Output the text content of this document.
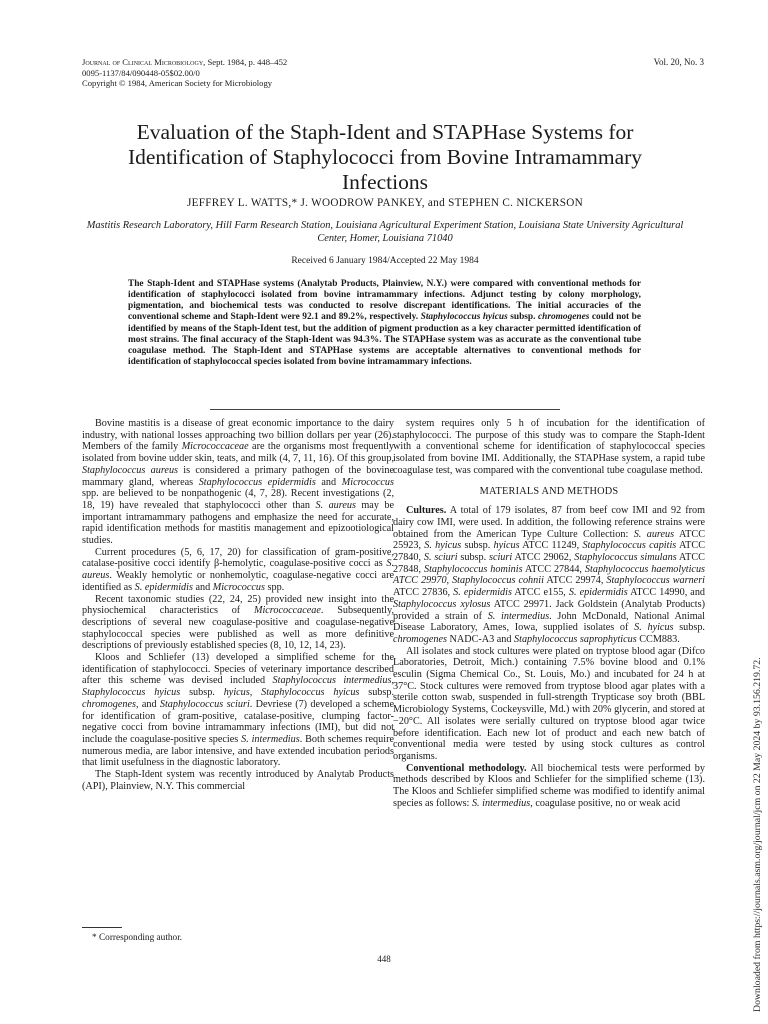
Journal of Clinical Microbiology, Sept. 1984, p. 448–452
0095-1137/84/090448-05$02.00/0
Copyright © 1984, American Society for Microbiology
Vol. 20, No. 3
Evaluation of the Staph-Ident and STAPHase Systems for Identification of Staphylococci from Bovine Intramammary Infections
JEFFREY L. WATTS,* J. WOODROW PANKEY, and STEPHEN C. NICKERSON
Mastitis Research Laboratory, Hill Farm Research Station, Louisiana Agricultural Experiment Station, Louisiana State University Agricultural Center, Homer, Louisiana 71040
Received 6 January 1984/Accepted 22 May 1984
The Staph-Ident and STAPHase systems (Analytab Products, Plainview, N.Y.) were compared with conventional methods for identification of staphylococci isolated from bovine intramammary infections. Adjunct testing by colony morphology, pigmentation, and biochemical tests was conducted to resolve discrepant identifications. The initial accuracies of the conventional scheme and Staph-Ident were 92.1 and 89.2%, respectively. Staphylococcus hyicus subsp. chromogenes could not be identified by means of the Staph-Ident test, but the addition of pigment production as a key character permitted identification of most strains. The final accuracy of the Staph-Ident was 94.3%. The STAPHase system was as accurate as the conventional tube coagulase method. The Staph-Ident and STAPHase systems are acceptable alternatives to conventional methods for identification of staphylococcal species isolated from bovine intramammary infections.

Bovine mastitis is a disease of great economic importance to the dairy industry, with national losses approaching two billion dollars per year (26). Members of the family Micrococcaceae are the organisms most frequently isolated from bovine udder skin, teats, and milk (4, 7, 11, 16). Of this group, Staphylococcus aureus is considered a primary pathogen of the bovine mammary gland, whereas Staphylococcus epidermidis and Micrococcus spp. are believed to be nonpathogenic (4, 7, 28). Recent investigations (2, 18, 19) have revealed that staphylococci other than S. aureus may be important intramammary pathogens and emphasize the need for accurate, rapid identification methods for mastitis management and epizootiological studies.

Current procedures (5, 6, 17, 20) for classification of gram-positive, catalase-positive cocci identify β-hemolytic, coagulase-positive cocci as S. aureus. Weakly hemolytic or nonhemolytic, coagulase-negative cocci are identified as S. epidermidis and Micrococcus spp.

Recent taxonomic studies (22, 24, 25) provided new insight into the physiochemical characteristics of Micrococcaceae. Subsequently, descriptions of several new coagulase-positive and coagulase-negative staphylococcal species were published as well as more definitive descriptions of previously established species (8, 10, 12, 14, 23).

Kloos and Schliefer (13) developed a simplified scheme for the identification of staphylococci. Species of veterinary importance described after this scheme was devised included Staphylococcus intermedius, Staphylococcus hyicus subsp. hyicus, Staphylococcus hyicus subsp. chromogenes, and Staphylococcus sciuri. Devriese (7) developed a scheme for identification of gram-positive, catalase-positive, clumping factor-negative cocci from bovine intramammary infections (IMI), but did not include the coagulase-positive species S. intermedius. Both schemes require numerous media, are labor intensive, and have extended incubation periods that limit usefulness in the diagnostic laboratory.

The Staph-Ident system was recently introduced by Analytab Products (API), Plainview, N.Y. This commercial

system requires only 5 h of incubation for the identification of staphylococci. The purpose of this study was to compare the Staph-Ident with a conventional scheme for identification of staphylococcal species isolated from bovine IMI. Additionally, the STAPHase system, a rapid tube coagulase test, was compared with the conventional tube coagulase method.

MATERIALS AND METHODS

Cultures. A total of 179 isolates, 87 from beef cow IMI and 92 from dairy cow IMI, were used. In addition, the following reference strains were obtained from the American Type Culture Collection: S. aureus ATCC 25923, S. hyicus subsp. hyicus ATCC 11249, Staphylococcus capitis ATCC 27840, S. sciuri subsp. sciuri ATCC 29062, Staphylococcus simulans ATCC 27848, Staphylococcus hominis ATCC 27844, Staphylococcus haemolyticus ATCC 29970, Staphylococcus cohnii ATCC 29974, Staphylococcus warneri ATCC 27836, S. epidermidis ATCC e155, S. epidermidis ATCC 14990, and Staphylococcus xylosus ATCC 29971. Jack Goldstein (Analytab Products) provided a strain of S. intermedius. John McDonald, National Animal Disease Laboratory, Ames, Iowa, supplied isolates of S. hyicus subsp. chromogenes NADC-A3 and Staphylococcus saprophyticus CCM883.

All isolates and stock cultures were plated on tryptose blood agar (Difco Laboratories, Detroit, Mich.) containing 7.5% bovine blood and 0.1% esculin (Sigma Chemical Co., St. Louis, Mo.) and incubated for 24 h at 37°C. Stock cultures were removed from tryptose blood agar plates with a sterile cotton swab, suspended in full-strength Trypticase soy broth (BBL Microbiology Systems, Cockeysville, Md.) with 20% glycerin, and stored at −20°C. All isolates were serially cultured on tryptose blood agar twice before identification. Each new lot of product and each new batch of conventional media were tested by using stock cultures as control organisms.

Conventional methodology. All biochemical tests were performed by methods described by Kloos and Schliefer for the simplified scheme (13). The Kloos and Schliefer simplified scheme was modified to identify animal species as follows: S. intermedius, coagulase positive, no or weak acid

* Corresponding author.
448	Downloaded from https://journals.asm.org/journal/jcm on 22 May 2024 by 93.156.219.72.
